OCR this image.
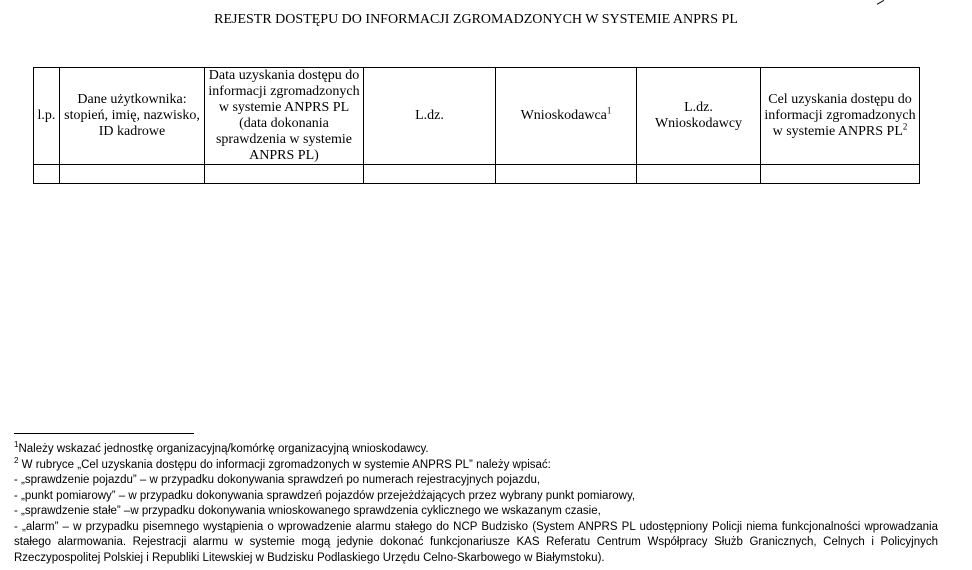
REJESTR DOSTĘPU DO INFORMACJI ZGROMADZONYCH W SYSTEMIE ANPRS PL
l.p.	Dane użytkownika: stopień, imię, nazwisko, ID kadrowe	Data uzyskania dostępu do informacji zgromadzonych w systemie ANPRS PL (data dokonania sprawdzenia w systemie ANPRS PL)	L.dz.	Wnioskodawca$^1$	L.dz. Wnioskodawcy	Cel uzyskania dostępu do informacji zgromadzonych w systemie ANPRS $PL^2$

$^1$Należy wskazać jednostkę organizacyjną/komórkę organizacyjną wnioskodawcy.

$^2$ W rubryce „Cel uzyskania dostępu do informacji zgromadzonych w systemie ANPRS PL” należy wpisać:

- „sprawdzenie pojazdu” – w przypadku dokonywania sprawdzeń po numerach rejestracyjnych pojazdu,

- „punkt pomiarowy” – w przypadku dokonywania sprawdzeń pojazdów przejeżdżających przez wybrany punkt pomiarowy,

- „sprawdzenie stałe” –w przypadku dokonywania wnioskowanego sprawdzenia cyklicznego we wskazanym czasie,

- „alarm” – w przypadku pisemnego wystąpienia o wprowadzenie alarmu stałego do NCP Budzisko (System ANPRS PL udostępniony Policji niema funkcjonalności wprowadzania stałego alarmowania. Rejestracji alarmu w systemie mogą jedynie dokonać funkcjonariusze KAS Referatu Centrum Współpracy Służb Granicznych, Celnych i Policyjnych Rzeczypospolitej Polskiej i Republiki Litewskiej w Budzisku Podlaskiego Urzędu Celno-Skarbowego w Białymstoku).
